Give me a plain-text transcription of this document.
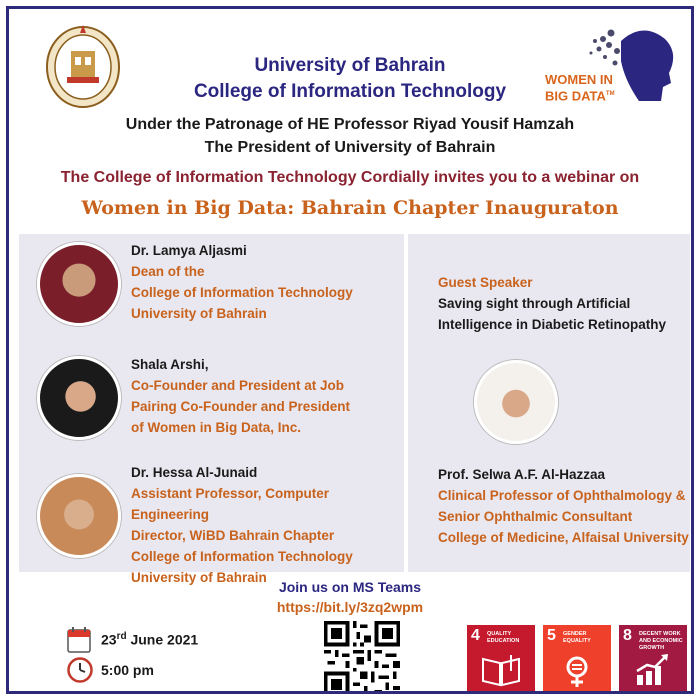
WOMEN IN
BIG DATA™
University of Bahrain
College of Information Technology
Under the Patronage of HE Professor Riyad Yousif Hamzah
The President of University of Bahrain
The College of Information Technology Cordially invites you to a webinar on
Women in Big Data: Bahrain Chapter Inauguraton
Dr. Lamya Aljasmi
Dean of the
College of Information Technology
University of Bahrain
Shala Arshi,
Co-Founder and President at Job
Pairing Co-Founder and President
of Women in Big Data, Inc.
Dr. Hessa Al-Junaid
Assistant Professor, Computer Engineering
Director, WiBD Bahrain Chapter
College of Information Technology
University of Bahrain
Guest Speaker
Saving sight through Artificial
Intelligence in Diabetic Retinopathy
Prof. Selwa A.F. Al-Hazzaa
Clinical Professor of Ophthalmology &
Senior Ophthalmic Consultant
College of Medicine, Alfaisal University
Join us on MS Teams
https://bit.ly/3zq2wpm
23rd June 2021
5:00 pm
4 QUALITY EDUCATION	5 GENDER EQUALITY	8 DECENT WORK AND ECONOMIC GROWTH
